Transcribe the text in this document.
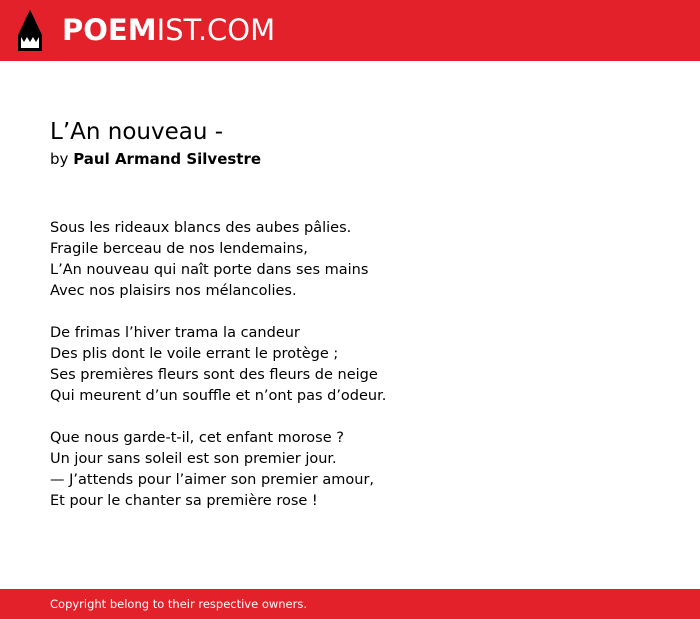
POEMIST.COM
L’An nouveau -
by Paul Armand Silvestre
Sous les rideaux blancs des aubes pâlies.
Fragile berceau de nos lendemains,
L’An nouveau qui naît porte dans ses mains
Avec nos plaisirs nos mélancolies.
De frimas l’hiver trama la candeur
Des plis dont le voile errant le protège ;
Ses premières fleurs sont des fleurs de neige
Qui meurent d’un souffle et n’ont pas d’odeur.
Que nous garde-t-il, cet enfant morose ?
Un jour sans soleil est son premier jour.
— J’attends pour l’aimer son premier amour,
Et pour le chanter sa première rose !
Copyright belong to their respective owners.
